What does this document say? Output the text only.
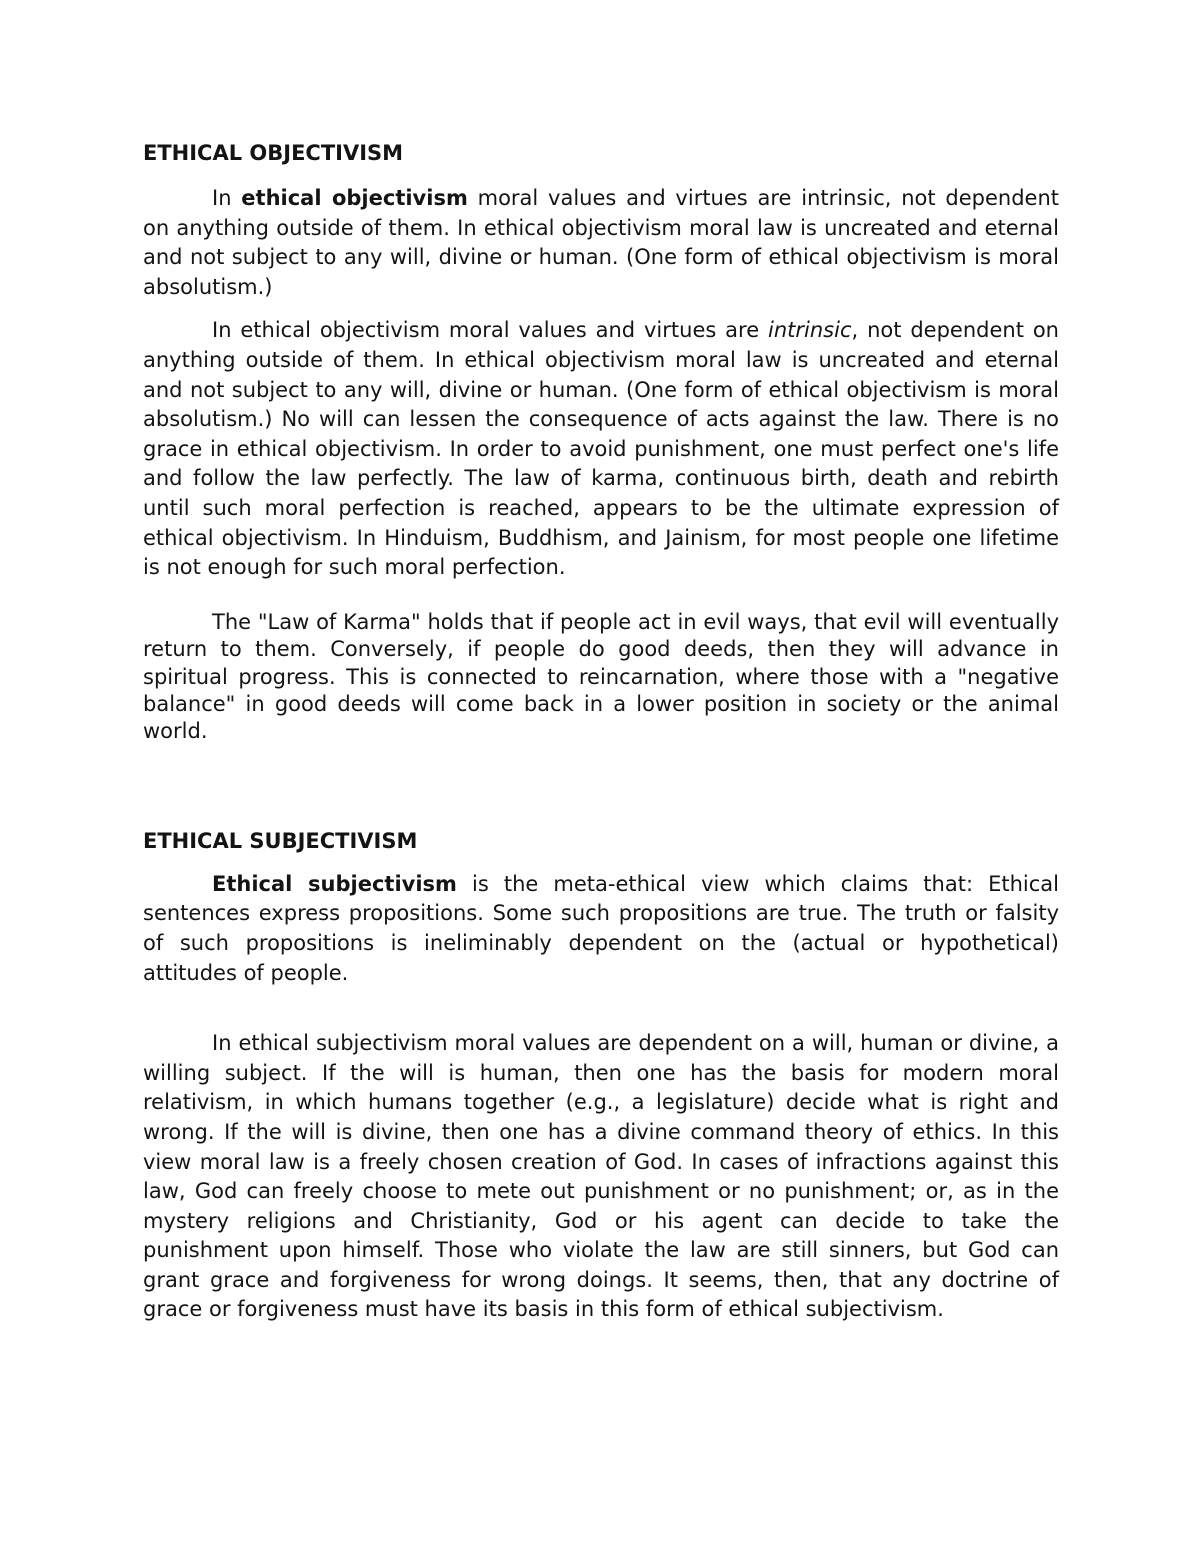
ETHICAL OBJECTIVISM

In ethical objectivism moral values and virtues are intrinsic, not dependent on anything outside of them. In ethical objectivism moral law is uncreated and eternal and not subject to any will, divine or human. (One form of ethical objectivism is moral absolutism.)

In ethical objectivism moral values and virtues are intrinsic, not dependent on anything outside of them. In ethical objectivism moral law is uncreated and eternal and not subject to any will, divine or human. (One form of ethical objectivism is moral absolutism.) No will can lessen the consequence of acts against the law. There is no grace in ethical objectivism. In order to avoid punishment, one must perfect one's life and follow the law perfectly. The law of karma, continuous birth, death and rebirth until such moral perfection is reached, appears to be the ultimate expression of ethical objectivism. In Hinduism, Buddhism, and Jainism, for most people one lifetime is not enough for such moral perfection.

The "Law of Karma" holds that if people act in evil ways, that evil will eventually return to them. Conversely, if people do good deeds, then they will advance in spiritual progress. This is connected to reincarnation, where those with a "negative balance" in good deeds will come back in a lower position in society or the animal world.

ETHICAL SUBJECTIVISM

Ethical subjectivism is the meta-ethical view which claims that: Ethical sentences express propositions. Some such propositions are true. The truth or falsity of such propositions is ineliminably dependent on the (actual or hypothetical) attitudes of people.

In ethical subjectivism moral values are dependent on a will, human or divine, a willing subject. If the will is human, then one has the basis for modern moral relativism, in which humans together (e.g., a legislature) decide what is right and wrong. If the will is divine, then one has a divine command theory of ethics. In this view moral law is a freely chosen creation of God. In cases of infractions against this law, God can freely choose to mete out punishment or no punishment; or, as in the mystery religions and Christianity, God or his agent can decide to take the punishment upon himself. Those who violate the law are still sinners, but God can grant grace and forgiveness for wrong doings. It seems, then, that any doctrine of grace or forgiveness must have its basis in this form of ethical subjectivism.
